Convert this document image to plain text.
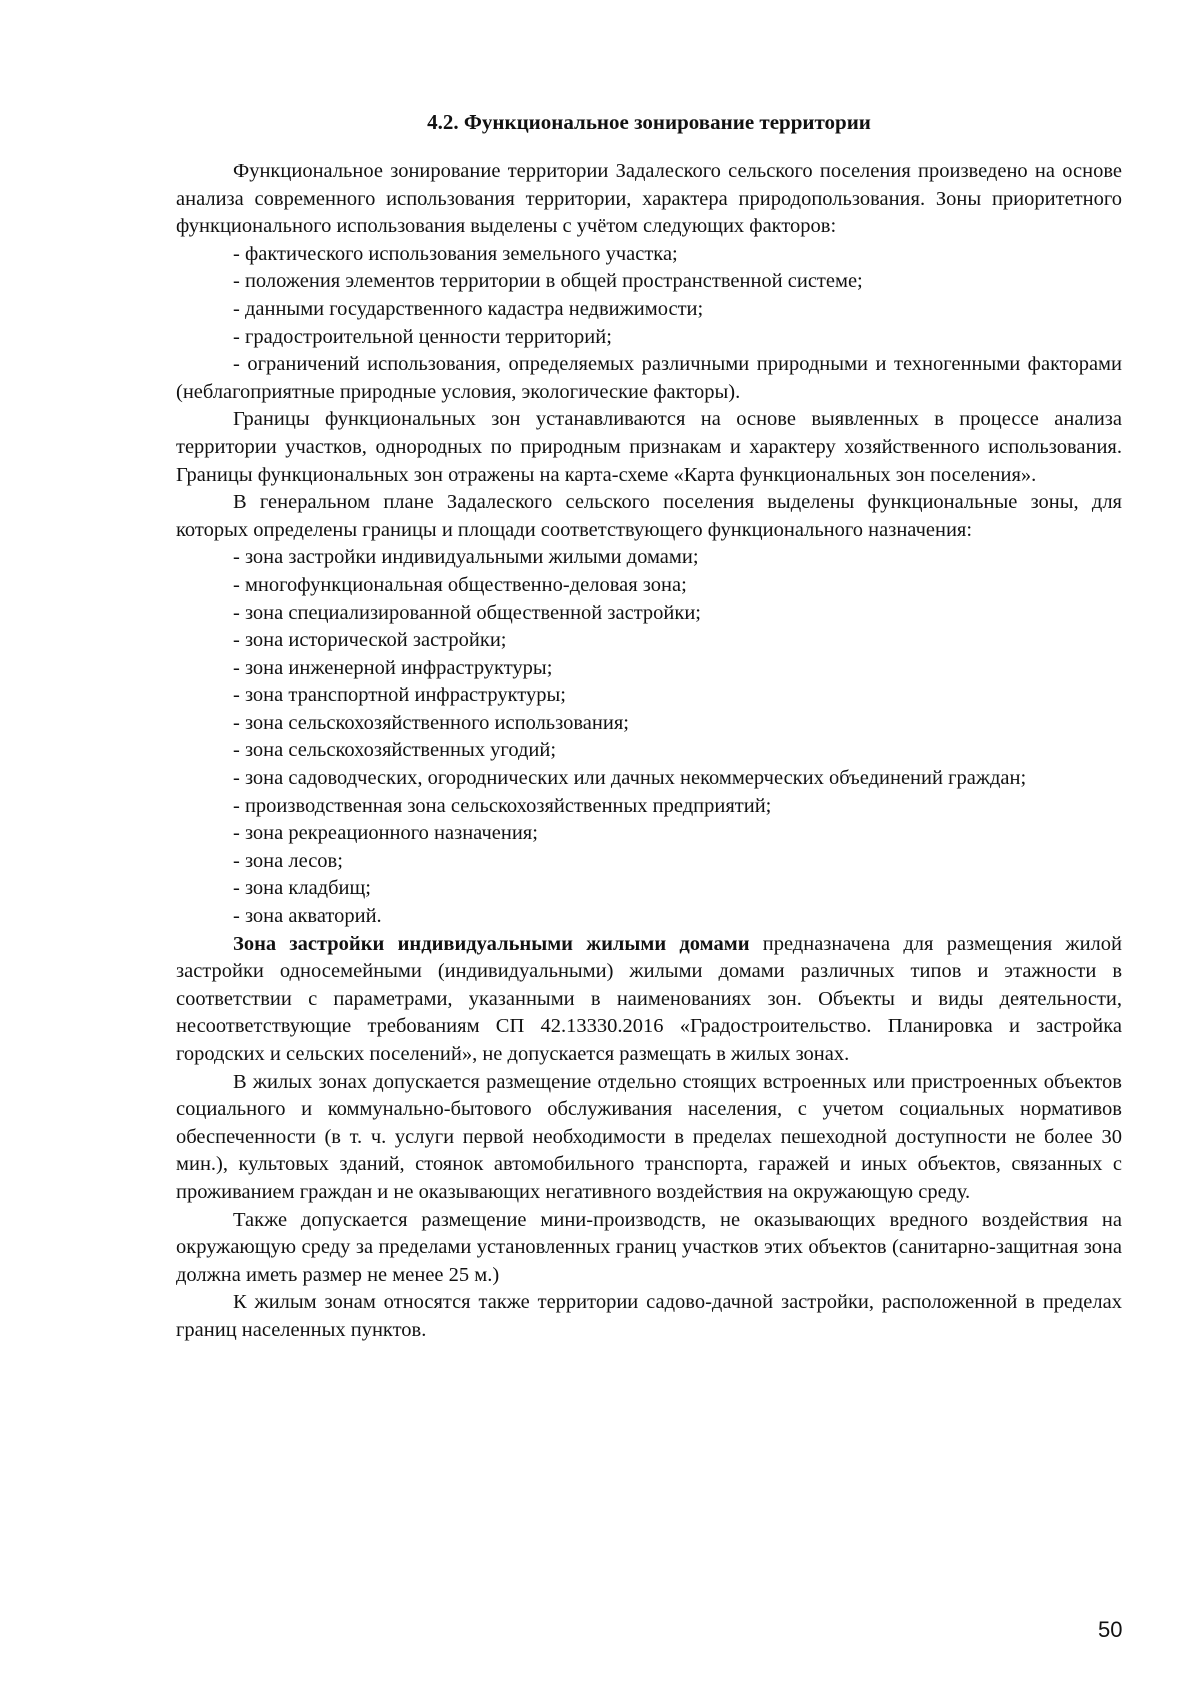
4.2. Функциональное зонирование территории

Функциональное зонирование территории Задалеского сельского поселения произведено на основе анализа современного использования территории, характера природопользования. Зоны приоритетного функционального использования выделены с учётом следующих факторов:

- фактического использования земельного участка;
- положения элементов территории в общей пространственной системе;
- данными государственного кадастра недвижимости;
- градостроительной ценности территорий;
- ограничений использования, определяемых различными природными и техногенными факторами (неблагоприятные природные условия, экологические факторы).

Границы функциональных зон устанавливаются на основе выявленных в процессе анализа территории участков, однородных по природным признакам и характеру хозяйственного использования. Границы функциональных зон отражены на карта-схеме «Карта функциональных зон поселения».

В генеральном плане Задалеского сельского поселения выделены функциональные зоны, для которых определены границы и площади соответствующего функционального назначения:

- зона застройки индивидуальными жилыми домами;
- многофункциональная общественно-деловая зона;
- зона специализированной общественной застройки;
- зона исторической застройки;
- зона инженерной инфраструктуры;
- зона транспортной инфраструктуры;
- зона сельскохозяйственного использования;
- зона сельскохозяйственных угодий;
- зона садоводческих, огороднических или дачных некоммерческих объединений граждан;
- производственная зона сельскохозяйственных предприятий;
- зона рекреационного назначения;
- зона лесов;
- зона кладбищ;
- зона акваторий.

Зона застройки индивидуальными жилыми домами предназначена для размещения жилой застройки односемейными (индивидуальными) жилыми домами различных типов и этажности в соответствии с параметрами, указанными в наименованиях зон. Объекты и виды деятельности, несоответствующие требованиям СП 42.13330.2016 «Градостроительство. Планировка и застройка городских и сельских поселений», не допускается размещать в жилых зонах.

В жилых зонах допускается размещение отдельно стоящих встроенных или пристроенных объектов социального и коммунально-бытового обслуживания населения, с учетом социальных нормативов обеспеченности (в т. ч. услуги первой необходимости в пределах пешеходной доступности не более 30 мин.), культовых зданий, стоянок автомобильного транспорта, гаражей и иных объектов, связанных с проживанием граждан и не оказывающих негативного воздействия на окружающую среду.

Также допускается размещение мини-производств, не оказывающих вредного воздействия на окружающую среду за пределами установленных границ участков этих объектов (санитарно-защитная зона должна иметь размер не менее 25 м.)

К жилым зонам относятся также территории садово-дачной застройки, расположенной в пределах границ населенных пунктов.

50
